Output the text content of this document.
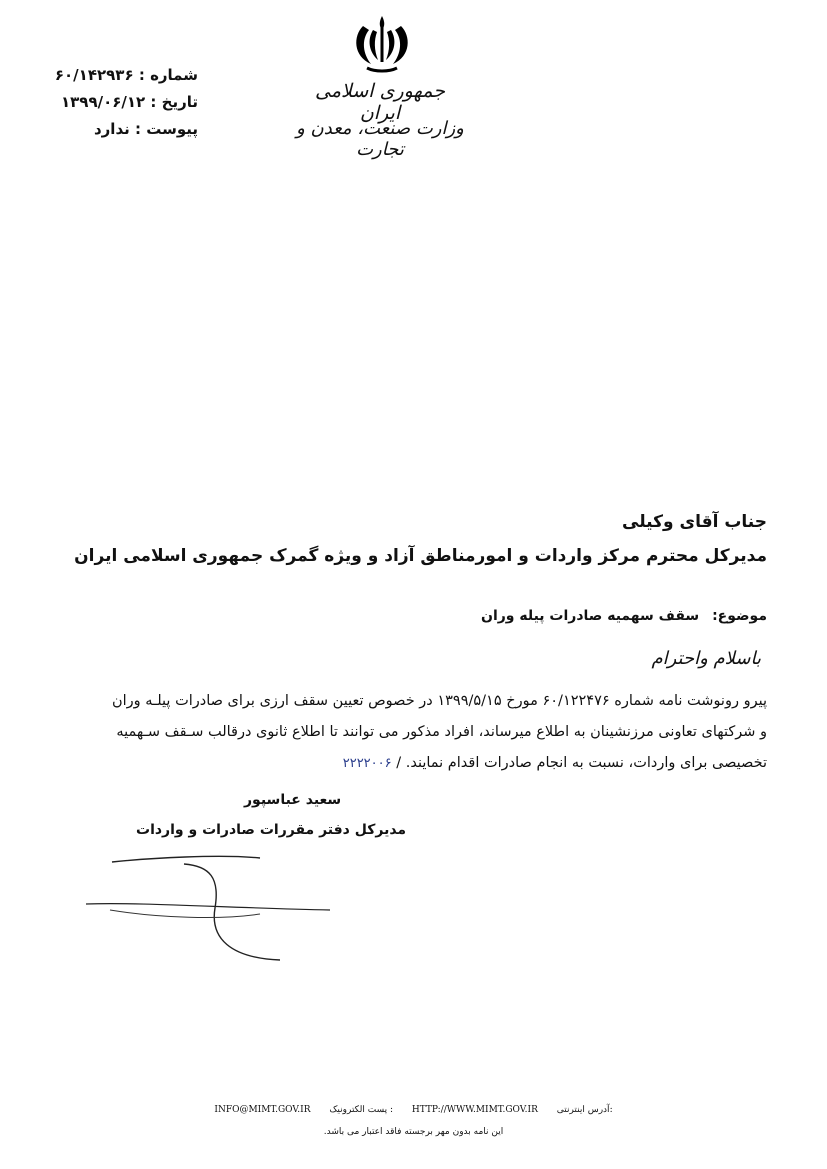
جمهوری اسلامی ایران
وزارت صنعت، معدن و تجارت
شماره : ۶۰/۱۴۲۹۳۶
تاریخ : ۱۳۹۹/۰۶/۱۲
پیوست : ندارد
جناب آقای وکیلی
مدیرکل محترم مرکز واردات و امورمناطق آزاد و ویژه گمرک جمهوری اسلامی ایران
موضوع: سقف سهمیه صادرات پیله وران
باسلام واحترام
پیرو رونوشت نامه شماره ۶۰/۱۲۲۴۷۶ مورخ ۱۳۹۹/۵/۱۵ در خصوص تعیین سقف ارزی برای صادرات پیلـه وران
و شرکتهای تعاونی مرزنشینان به اطلاع میرساند، افراد مذکور می توانند تا اطلاع ثانوی درقالب سـقف سـهمیه
تخصیصی برای واردات، نسبت به انجام صادرات اقدام نمایند. / ۲۲۲۲۰۰۶
سعید عباسپور
مدیرکل دفتر مقررات صادرات و واردات
INFO@MIMT.GOV.IR پست الکترونیک : HTTP://WWW.MIMT.GOV.IR آدرس اینترنتی:
این نامه بدون مهر برجسته فاقد اعتبار می باشد.
